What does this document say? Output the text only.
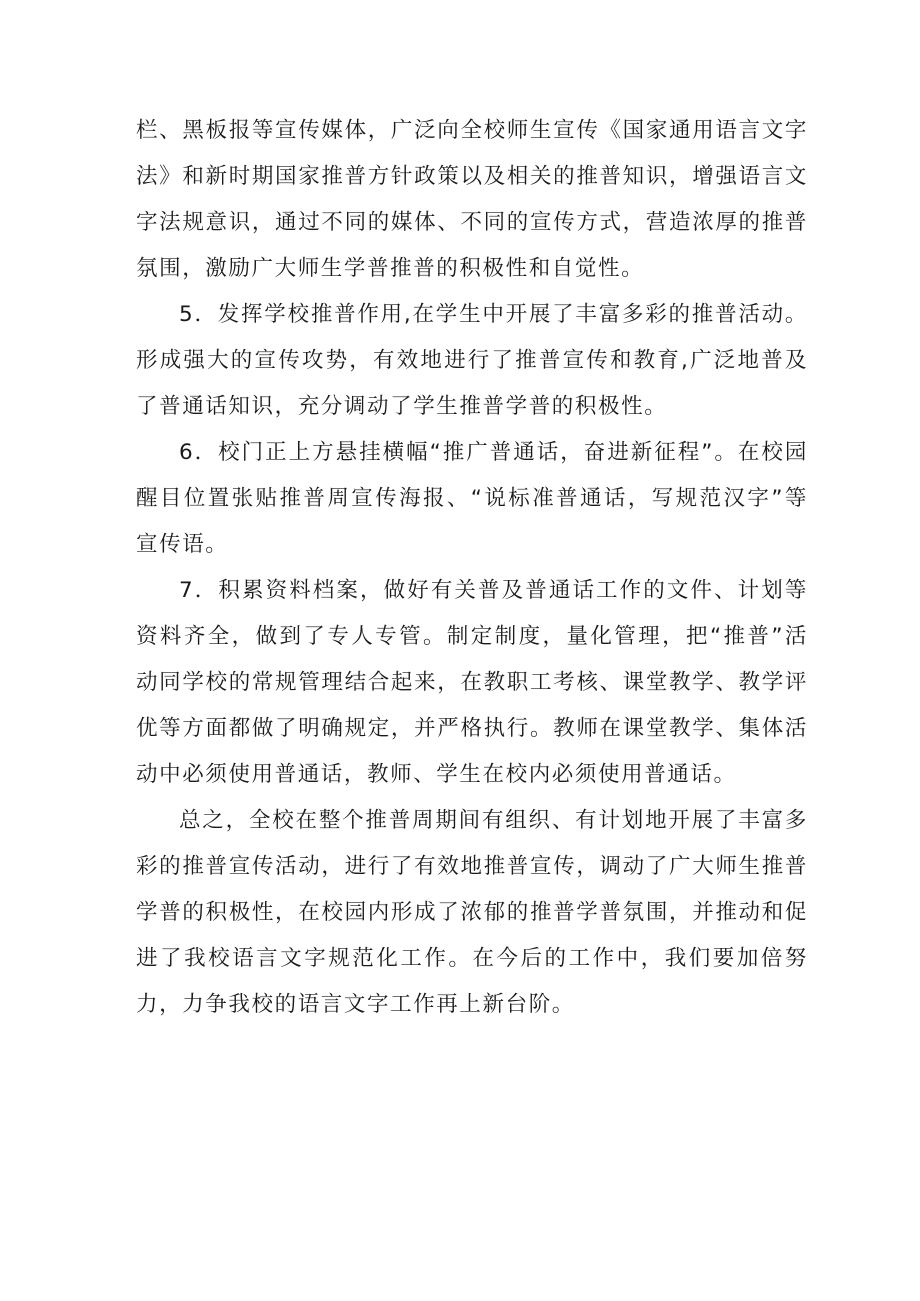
栏、黑板报等宣传媒体，广泛向全校师生宣传《国家通用语言文字法》和新时期国家推普方针政策以及相关的推普知识，增强语言文字法规意识，通过不同的媒体、不同的宣传方式，营造浓厚的推普氛围，激励广大师生学普推普的积极性和自觉性。

5．发挥学校推普作用,在学生中开展了丰富多彩的推普活动。形成强大的宣传攻势，有效地进行了推普宣传和教育,广泛地普及了普通话知识，充分调动了学生推普学普的积极性。

6．校门正上方悬挂横幅“推广普通话，奋进新征程”。在校园醒目位置张贴推普周宣传海报、“说标准普通话，写规范汉字”等宣传语。

7．积累资料档案，做好有关普及普通话工作的文件、计划等资料齐全，做到了专人专管。制定制度，量化管理，把“推普”活动同学校的常规管理结合起来，在教职工考核、课堂教学、教学评优等方面都做了明确规定，并严格执行。教师在课堂教学、集体活动中必须使用普通话，教师、学生在校内必须使用普通话。

总之，全校在整个推普周期间有组织、有计划地开展了丰富多彩的推普宣传活动，进行了有效地推普宣传，调动了广大师生推普学普的积极性，在校园内形成了浓郁的推普学普氛围，并推动和促进了我校语言文字规范化工作。在今后的工作中，我们要加倍努力，力争我校的语言文字工作再上新台阶。
